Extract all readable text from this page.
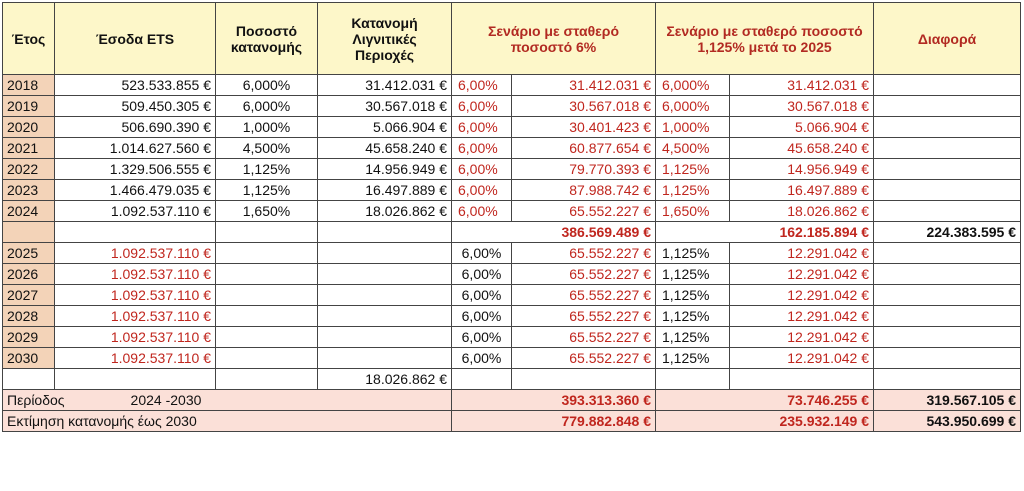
Έτος	Έσοδα ETS	Ποσοστό κατανομής	Κατανομή Λιγνιτικές Περιοχές	Σενάριο με σταθερό ποσοστό 6%		Σενάριο με σταθερό ποσοστό 1,125% μετά το 2025		Διαφορά
2018	523.533.855 €	6,000%	31.412.031 €	6,00%	31.412.031 €	6,000%	31.412.031 €	
2019	509.450.305 €	6,000%	30.567.018 €	6,00%	30.567.018 €	6,000%	30.567.018 €	
2020	506.690.390 €	1,000%	5.066.904 €	6,00%	30.401.423 €	1,000%	5.066.904 €	
2021	1.014.627.560 €	4,500%	45.658.240 €	6,00%	60.877.654 €	4,500%	45.658.240 €	
2022	1.329.506.555 €	1,125%	14.956.949 €	6,00%	79.770.393 €	1,125%	14.956.949 €	
2023	1.466.479.035 €	1,125%	16.497.889 €	6,00%	87.988.742 €	1,125%	16.497.889 €	
2024	1.092.537.110 €	1,650%	18.026.862 €	6,00%	65.552.227 €	1,650%	18.026.862 €	
				386.569.489 €		162.185.894 €		224.383.595 €
2025	1.092.537.110 €			6,00%	65.552.227 €	1,125%	12.291.042 €	
2026	1.092.537.110 €			6,00%	65.552.227 €	1,125%	12.291.042 €	
2027	1.092.537.110 €			6,00%	65.552.227 €	1,125%	12.291.042 €	
2028	1.092.537.110 €			6,00%	65.552.227 €	1,125%	12.291.042 €	
2029	1.092.537.110 €			6,00%	65.552.227 €	1,125%	12.291.042 €	
2030	1.092.537.110 €			6,00%	65.552.227 €	1,125%	12.291.042 €	
			18.026.862 €					
Περίοδος 2024 -2030				393.313.360 €		73.746.255 €		319.567.105 €
Εκτίμηση κατανομής έως 2030				779.882.848 €		235.932.149 €		543.950.699 €
